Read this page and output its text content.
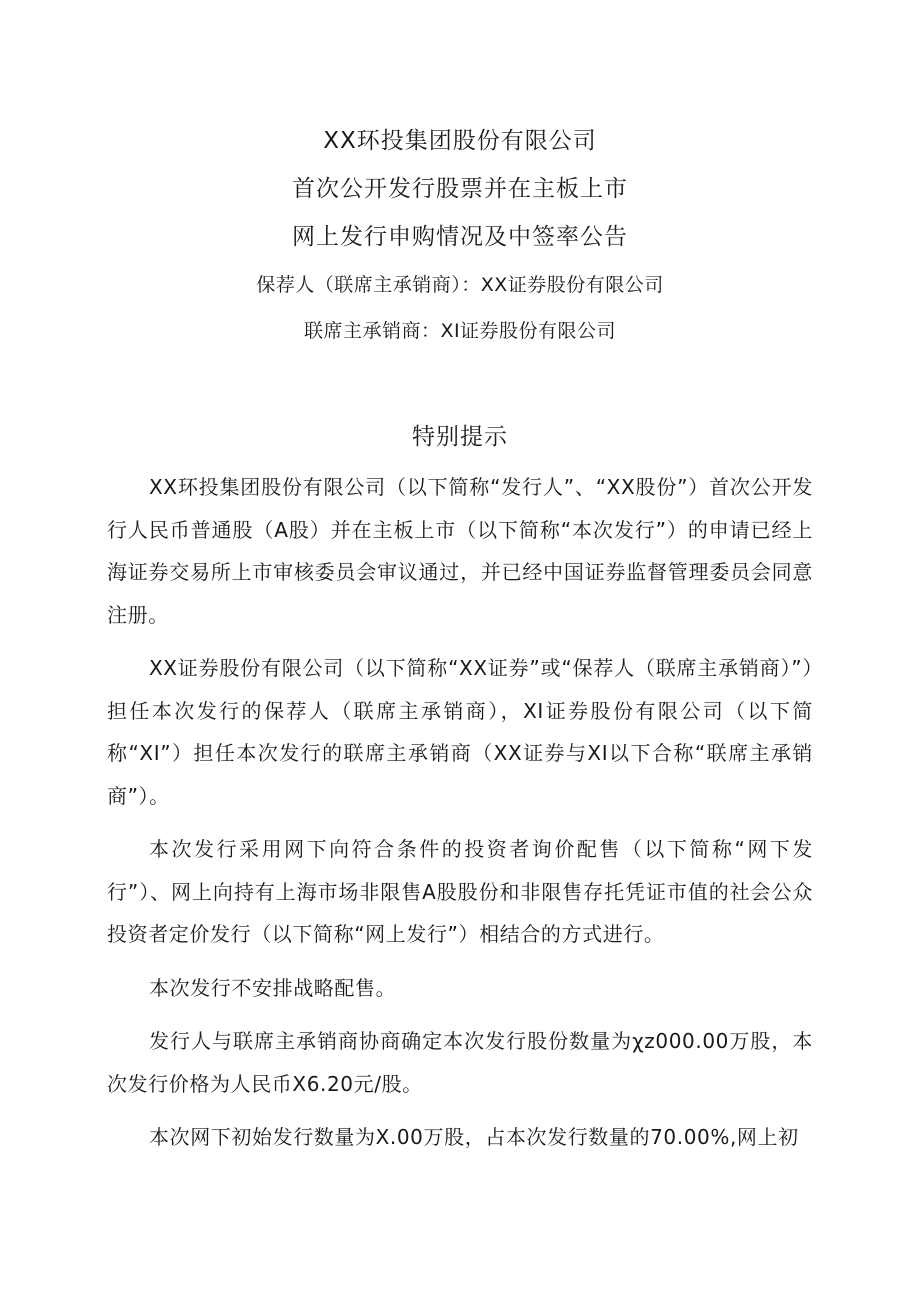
XX环投集团股份有限公司
首次公开发行股票并在主板上市
网上发行申购情况及中签率公告
保荐人（联席主承销商）：XX证券股份有限公司
联席主承销商：XI证券股份有限公司
特别提示

XX环投集团股份有限公司（以下简称“发行人”、“XX股份”）首次公开发行人民币普通股（A股）并在主板上市（以下简称“本次发行”）的申请已经上海证券交易所上市审核委员会审议通过，并已经中国证券监督管理委员会同意注册。

XX证券股份有限公司（以下简称“XX证券”或“保荐人（联席主承销商）”）担任本次发行的保荐人（联席主承销商），XI证券股份有限公司（以下简称“XI”）担任本次发行的联席主承销商（XX证券与XI以下合称“联席主承销商”）。

本次发行采用网下向符合条件的投资者询价配售（以下简称“网下发行”）、网上向持有上海市场非限售A股股份和非限售存托凭证市值的社会公众投资者定价发行（以下简称“网上发行”）相结合的方式进行。

本次发行不安排战略配售。

发行人与联席主承销商协商确定本次发行股份数量为χz000.00万股，本次发行价格为人民币X6.20元/股。

本次网下初始发行数量为X.00万股，占本次发行数量的70.00%,网上初
